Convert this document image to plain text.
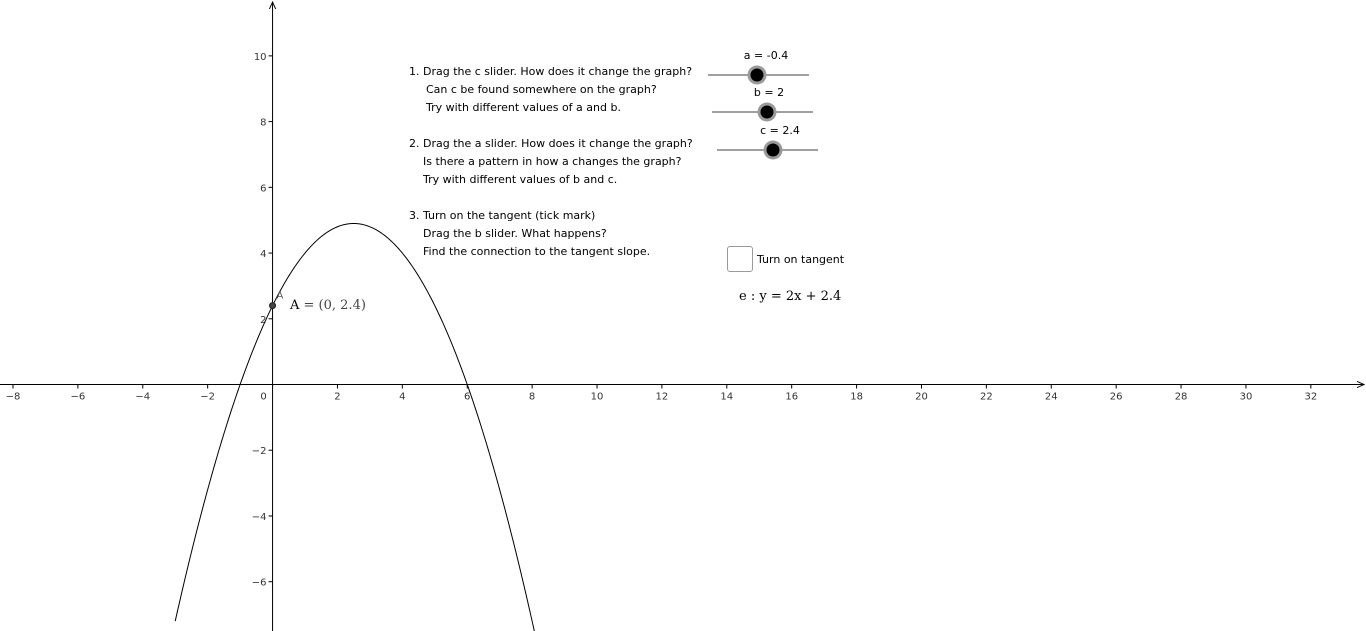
−8	−6	−4	−2	0	2	4	6	8	10	12	14	16	18	20	22	24	26	28	30	32
−6
−4
−2
2
4
6
8
10
A
A = (0, 2.4)
1. Drag the c slider. How does it change the graph?
Can c be found somewhere on the graph?
Try with different values of a and b.
2. Drag the a slider. How does it change the graph?
Is there a pattern in how a changes the graph?
Try with different values of b and c.
3. Turn on the tangent (tick mark)
Drag the b slider. What happens?
Find the connection to the tangent slope.
a = -0.4
b = 2
c = 2.4
Turn on tangent
e : y = 2x + 2.4
